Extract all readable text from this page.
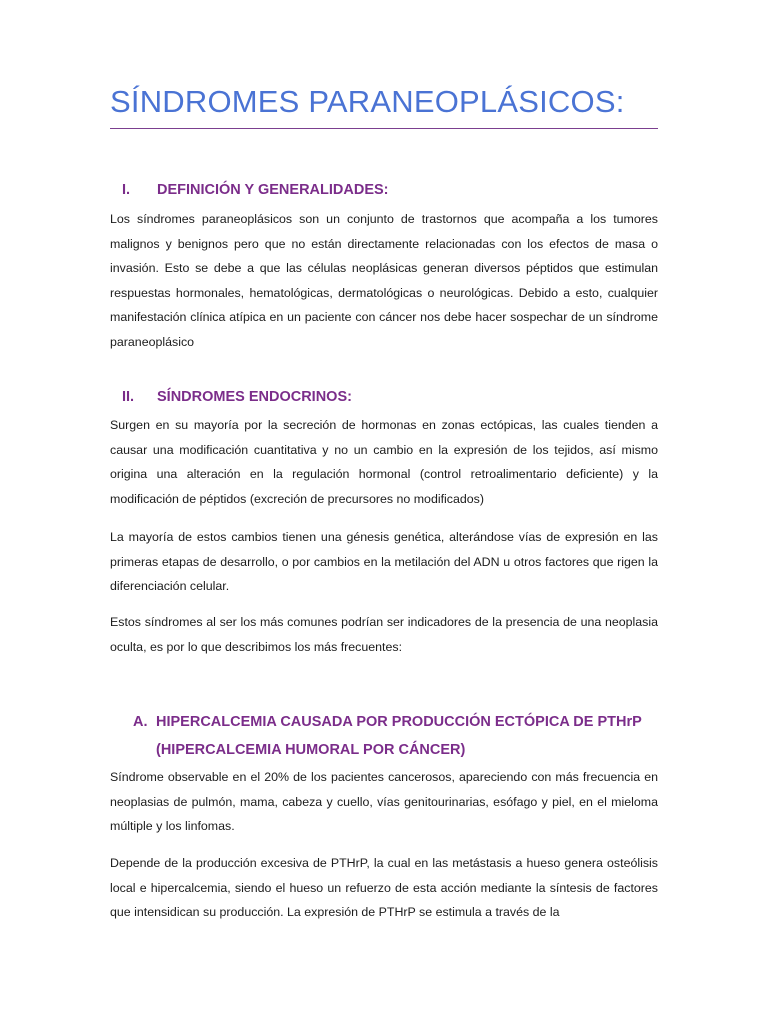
SÍNDROMES PARANEOPLÁSICOS:
I. DEFINICIÓN Y GENERALIDADES:

Los síndromes paraneoplásicos son un conjunto de trastornos que acompaña a los tumores malignos y benignos pero que no están directamente relacionadas con los efectos de masa o invasión. Esto se debe a que las células neoplásicas generan diversos péptidos que estimulan respuestas hormonales, hematológicas, dermatológicas o neurológicas. Debido a esto, cualquier manifestación clínica atípica en un paciente con cáncer nos debe hacer sospechar de un síndrome paraneoplásico

II. SÍNDROMES ENDOCRINOS:

Surgen en su mayoría por la secreción de hormonas en zonas ectópicas, las cuales tienden a causar una modificación cuantitativa y no un cambio en la expresión de los tejidos, así mismo origina una alteración en la regulación hormonal (control retroalimentario deficiente) y la modificación de péptidos (excreción de precursores no modificados)

La mayoría de estos cambios tienen una génesis genética, alterándose vías de expresión en las primeras etapas de desarrollo, o por cambios en la metilación del ADN u otros factores que rigen la diferenciación celular.

Estos síndromes al ser los más comunes podrían ser indicadores de la presencia de una neoplasia oculta, es por lo que describimos los más frecuentes:

A. HIPERCALCEMIA CAUSADA POR PRODUCCIÓN ECTÓPICA DE PTHrP
(HIPERCALCEMIA HUMORAL POR CÁNCER)

Síndrome observable en el 20% de los pacientes cancerosos, apareciendo con más frecuencia en neoplasias de pulmón, mama, cabeza y cuello, vías genitourinarias, esófago y piel, en el mieloma múltiple y los linfomas.

Depende de la producción excesiva de PTHrP, la cual en las metástasis a hueso genera osteólisis local e hipercalcemia, siendo el hueso un refuerzo de esta acción mediante la síntesis de factores que intensidican su producción. La expresión de PTHrP se estimula a través de la
